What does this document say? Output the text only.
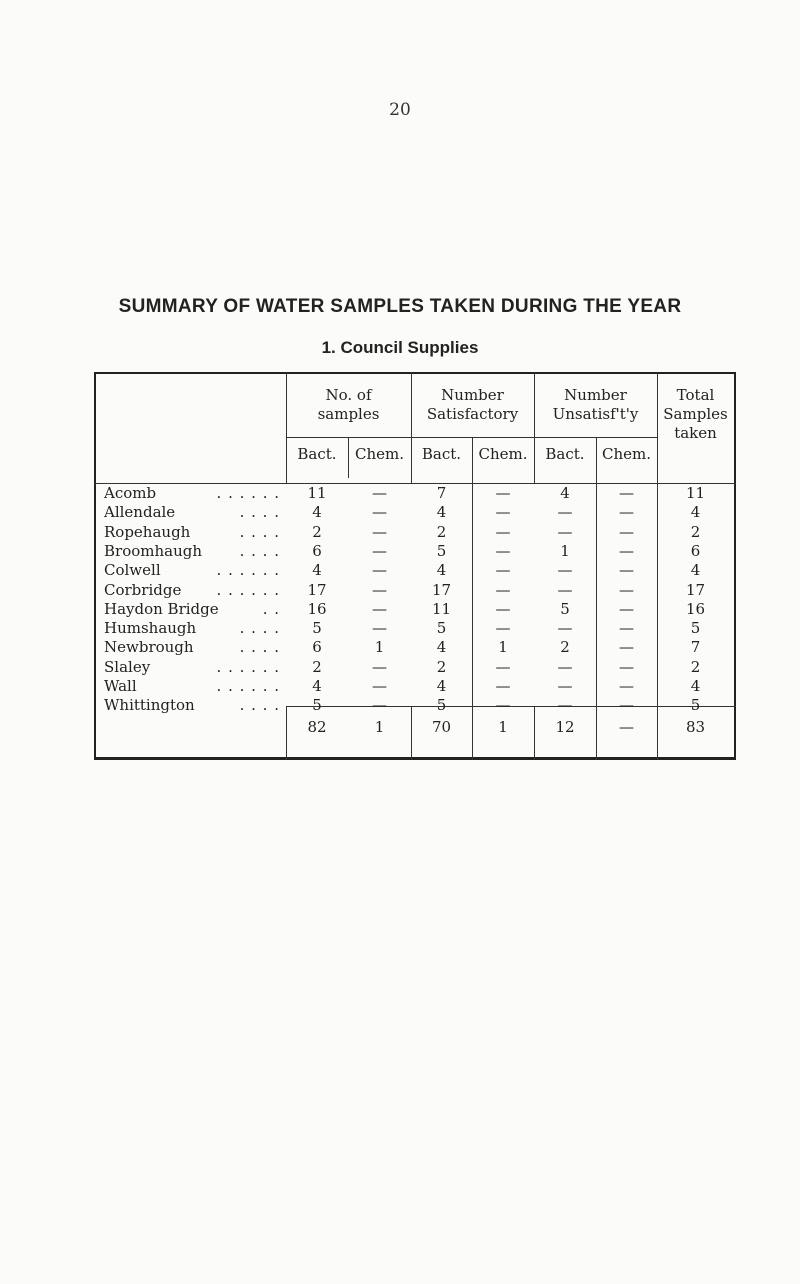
20
SUMMARY OF WATER SAMPLES TAKEN DURING THE YEAR
1. Council Supplies
No. of
samples
Number
Satisfactory
Number
Unsatisf't'y
Total
Samples
taken
Bact.	Chem.	Bact.	Chem.	Bact.	Chem.
Acomb	. . . . . .	11	—	7	—	4	—	11
Allendale	. . . .	4	—	4	—	—	—	4
Ropehaugh	. . . .	2	—	2	—	—	—	2
Broomhaugh	. . . .	6	—	5	—	1	—	6
Colwell	. . . . . .	4	—	4	—	—	—	4
Corbridge . . . . . .	17	—	17	—	—	—	17
Haydon Bridge	. .	16	—	11	—	5	—	16
Humshaugh	. . . .	5	—	5	—	—	—	5
Newbrough	. . . .	6	1	4	1	2	—	7
Slaley	. . . . . .	2	—	2	—	—	—	2
Wall	. . . . . .	4	—	4	—	—	—	4
Whittington	. . . .	5	—	5	—	—	—	5
82	1	70	1	12	—	83
